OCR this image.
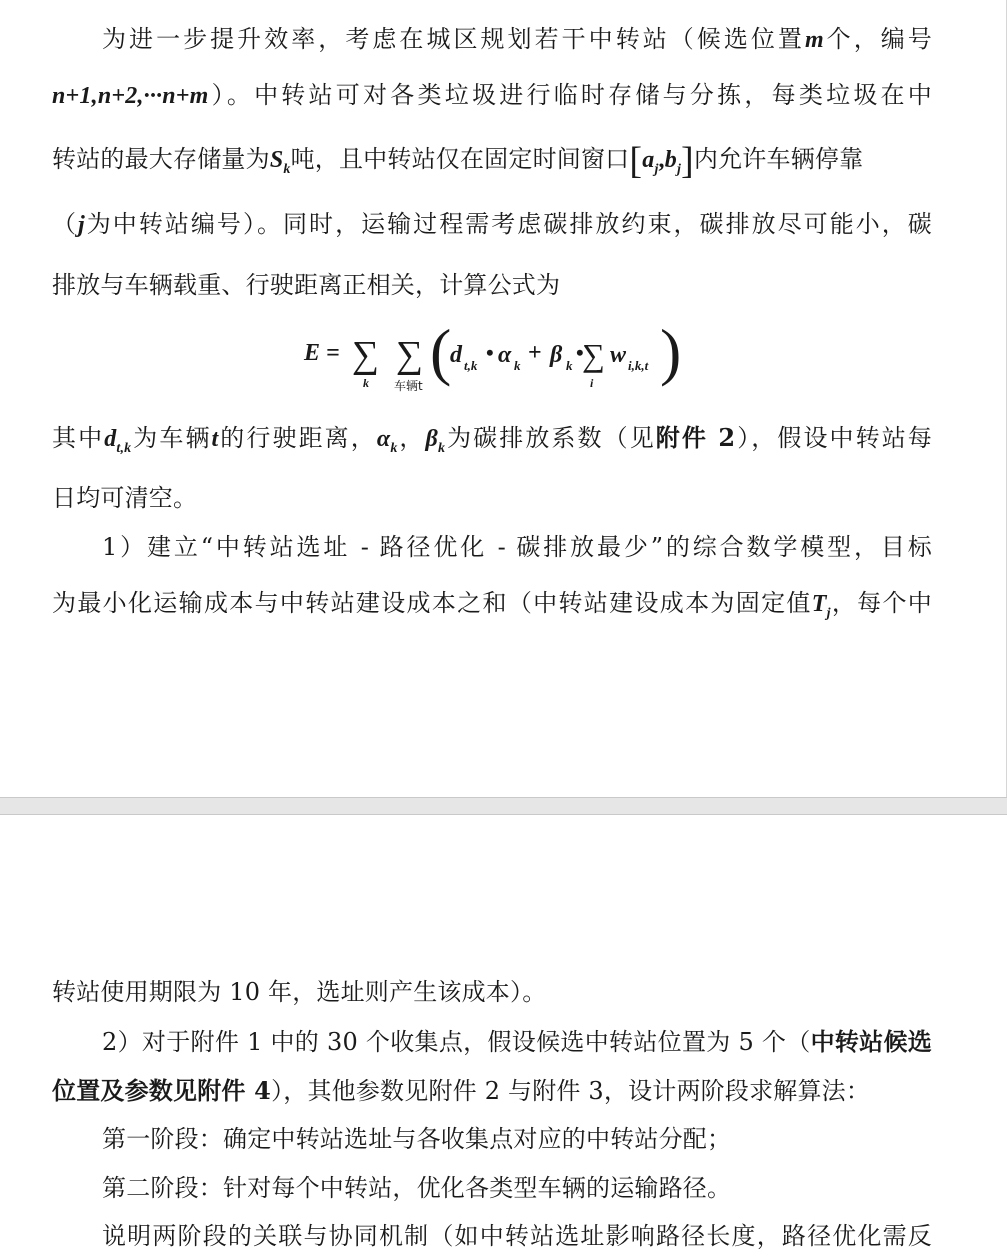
为进一步提升效率，考虑在城区规划若干中转站（候选位置m个，编号
n+1,n+2,···n+m）。中转站可对各类垃圾进行临时存储与分拣，每类垃圾在中
转站的最大存储量为$S_k$吨，且中转站仅在固定时间窗口$[a_j,b_j]$内允许车辆停靠
（j为中转站编号）。同时，运输过程需考虑碳排放约束，碳排放尽可能小，碳
排放与车辆载重、行驶距离正相关，计算公式为
E = ∑
k
∑
车辆t (
d t,k
• α k + β k
•
∑
i
w i,k,t )
其中$d_{t,k}$为车辆t的行驶距离，$\alpha_k$，$\beta_k$为碳排放系数（见附件 2），假设中转站每
日均可清空。
1）建立“中转站选址 - 路径优化 - 碳排放最少”的综合数学模型，目标
为最小化运输成本与中转站建设成本之和（中转站建设成本为固定值$T_j$，每个中
转站使用期限为 10 年，选址则产生该成本）。
2）对于附件 1 中的 30 个收集点，假设候选中转站位置为 5 个（中转站候选
位置及参数见附件 4），其他参数见附件 2 与附件 3，设计两阶段求解算法：
第一阶段：确定中转站选址与各收集点对应的中转站分配；
第二阶段：针对每个中转站，优化各类型车辆的运输路径。
说明两阶段的关联与协同机制（如中转站选址影响路径长度，路径优化需反
